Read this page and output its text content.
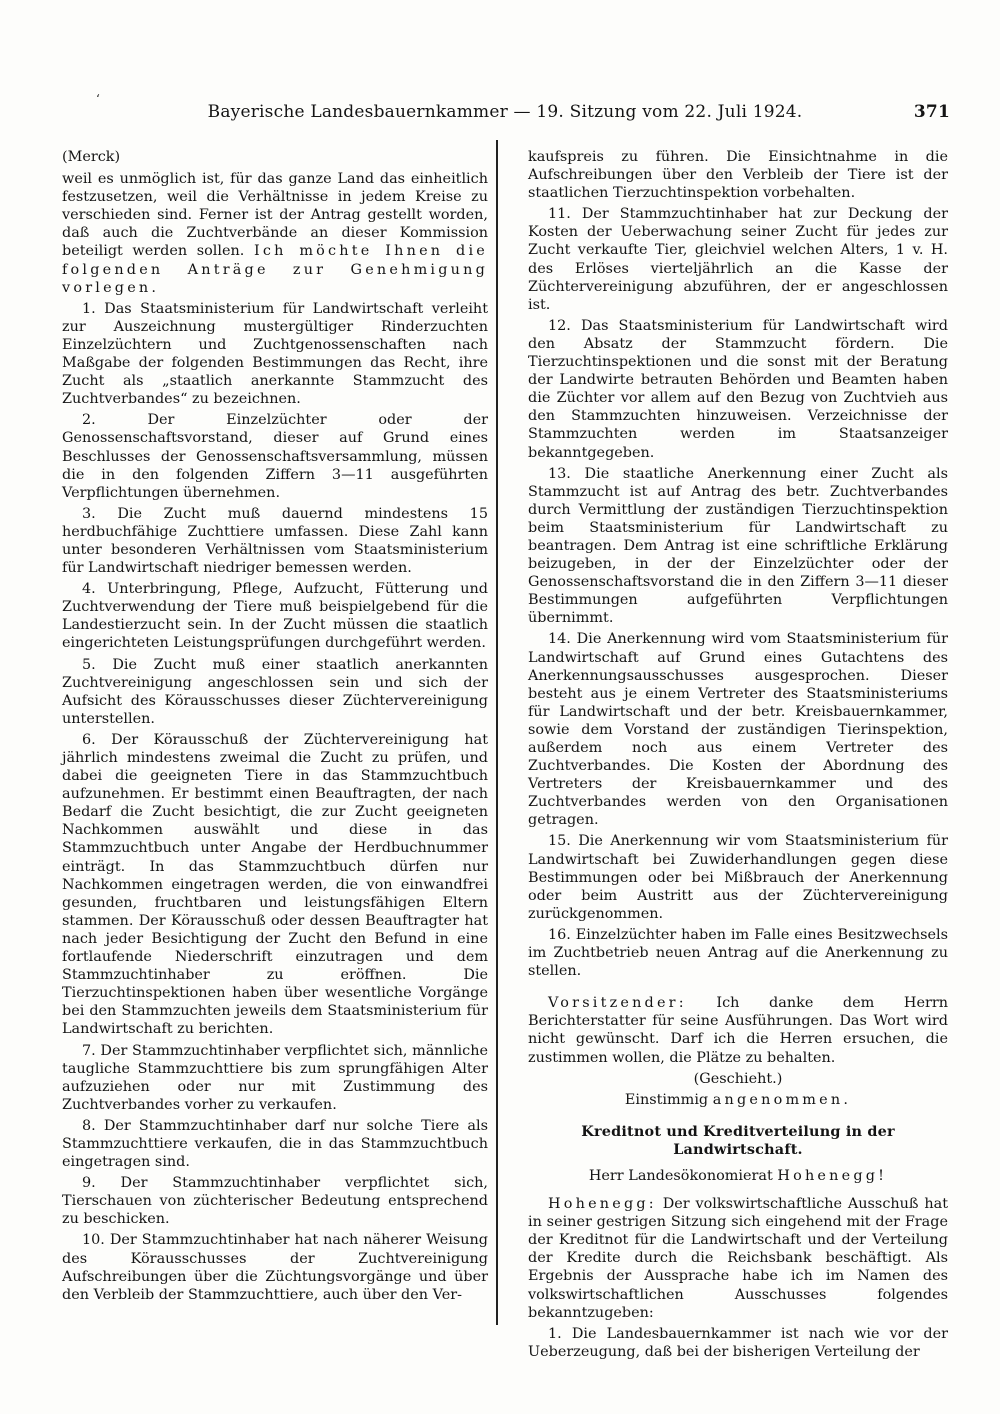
‘
Bayerische Landesbauernkammer — 19. Sitzung vom 22. Juli 1924.	371

(Merck)

weil es unmöglich ist, für das ganze Land das einheitlich festzusetzen, weil die Verhältnisse in jedem Kreise zu verschieden sind. Ferner ist der Antrag gestellt worden, daß auch die Zuchtverbände an dieser Kommission beteiligt werden sollen. Ich möchte Ihnen die folgenden Anträge zur Genehmigung vorlegen.

1. Das Staatsministerium für Landwirtschaft verleiht zur Auszeichnung mustergültiger Rinderzuchten Einzelzüchtern und Zuchtgenossenschaften nach Maßgabe der folgenden Bestimmungen das Recht, ihre Zucht als „staatlich anerkannte Stammzucht des Zuchtverbandes“ zu bezeichnen.

2. Der Einzelzüchter oder der Genossenschaftsvorstand, dieser auf Grund eines Beschlusses der Genossenschaftsversammlung, müssen die in den folgenden Ziffern 3—11 ausgeführten Verpflichtungen übernehmen.

3. Die Zucht muß dauernd mindestens 15 herdbuchfähige Zuchttiere umfassen. Diese Zahl kann unter besonderen Verhältnissen vom Staatsministerium für Landwirtschaft niedriger bemessen werden.

4. Unterbringung, Pflege, Aufzucht, Fütterung und Zuchtverwendung der Tiere muß beispielgebend für die Landestierzucht sein. In der Zucht müssen die staatlich eingerichteten Leistungsprüfungen durchgeführt werden.

5. Die Zucht muß einer staatlich anerkannten Zuchtvereinigung angeschlossen sein und sich der Aufsicht des Körausschusses dieser Züchtervereinigung unterstellen.

6. Der Körausschuß der Züchtervereinigung hat jährlich mindestens zweimal die Zucht zu prüfen, und dabei die geeigneten Tiere in das Stammzuchtbuch aufzunehmen. Er bestimmt einen Beauftragten, der nach Bedarf die Zucht besichtigt, die zur Zucht geeigneten Nachkommen auswählt und diese in das Stammzuchtbuch unter Angabe der Herdbuchnummer einträgt. In das Stammzuchtbuch dürfen nur Nachkommen eingetragen werden, die von einwandfrei gesunden, fruchtbaren und leistungsfähigen Eltern stammen. Der Körausschuß oder dessen Beauftragter hat nach jeder Besichtigung der Zucht den Befund in eine fortlaufende Niederschrift einzutragen und dem Stammzuchtinhaber zu eröffnen. Die Tierzuchtinspektionen haben über wesentliche Vorgänge bei den Stammzuchten jeweils dem Staatsministerium für Landwirtschaft zu berichten.

7. Der Stammzuchtinhaber verpflichtet sich, männliche taugliche Stammzuchttiere bis zum sprungfähigen Alter aufzuziehen oder nur mit Zustimmung des Zuchtverbandes vorher zu verkaufen.

8. Der Stammzuchtinhaber darf nur solche Tiere als Stammzuchttiere verkaufen, die in das Stammzuchtbuch eingetragen sind.

9. Der Stammzuchtinhaber verpflichtet sich, Tierschauen von züchterischer Bedeutung entsprechend zu beschicken.

10. Der Stammzuchtinhaber hat nach näherer Weisung des Körausschusses der Zuchtvereinigung Aufschreibungen über die Züchtungsvorgänge und über den Verbleib der Stammzuchttiere, auch über den Ver-

kaufspreis zu führen. Die Einsichtnahme in die Aufschreibungen über den Verbleib der Tiere ist der staatlichen Tierzuchtinspektion vorbehalten.

11. Der Stammzuchtinhaber hat zur Deckung der Kosten der Ueberwachung seiner Zucht für jedes zur Zucht verkaufte Tier, gleichviel welchen Alters, 1 v. H. des Erlöses vierteljährlich an die Kasse der Züchtervereinigung abzuführen, der er angeschlossen ist.

12. Das Staatsministerium für Landwirtschaft wird den Absatz der Stammzucht fördern. Die Tierzuchtinspektionen und die sonst mit der Beratung der Landwirte betrauten Behörden und Beamten haben die Züchter vor allem auf den Bezug von Zuchtvieh aus den Stammzuchten hinzuweisen. Verzeichnisse der Stammzuchten werden im Staatsanzeiger bekanntgegeben.

13. Die staatliche Anerkennung einer Zucht als Stammzucht ist auf Antrag des betr. Zuchtverbandes durch Vermittlung der zuständigen Tierzuchtinspektion beim Staatsministerium für Landwirtschaft zu beantragen. Dem Antrag ist eine schriftliche Erklärung beizugeben, in der der Einzelzüchter oder der Genossenschaftsvorstand die in den Ziffern 3—11 dieser Bestimmungen aufgeführten Verpflichtungen übernimmt.

14. Die Anerkennung wird vom Staatsministerium für Landwirtschaft auf Grund eines Gutachtens des Anerkennungsausschusses ausgesprochen. Dieser besteht aus je einem Vertreter des Staatsministeriums für Landwirtschaft und der betr. Kreisbauernkammer, sowie dem Vorstand der zuständigen Tierinspektion, außerdem noch aus einem Vertreter des Zuchtverbandes. Die Kosten der Abordnung des Vertreters der Kreisbauernkammer und des Zuchtverbandes werden von den Organisationen getragen.

15. Die Anerkennung wir vom Staatsministerium für Landwirtschaft bei Zuwiderhandlungen gegen diese Bestimmungen oder bei Mißbrauch der Anerkennung oder beim Austritt aus der Züchtervereinigung zurückgenommen.

16. Einzelzüchter haben im Falle eines Besitzwechsels im Zuchtbetrieb neuen Antrag auf die Anerkennung zu stellen.

Vorsitzender: Ich danke dem Herrn Berichterstatter für seine Ausführungen. Das Wort wird nicht gewünscht. Darf ich die Herren ersuchen, die zustimmen wollen, die Plätze zu behalten.

(Geschieht.)

Einstimmig angenommen.

Kreditnot und Kreditverteilung in der Landwirtschaft.

Herr Landesökonomierat Hohenegg!

Hohenegg: Der volkswirtschaftliche Ausschuß hat in seiner gestrigen Sitzung sich eingehend mit der Frage der Kreditnot für die Landwirtschaft und der Verteilung der Kredite durch die Reichsbank beschäftigt. Als Ergebnis der Aussprache habe ich im Namen des volkswirtschaftlichen Ausschusses folgendes bekanntzugeben:

1. Die Landesbauernkammer ist nach wie vor der Ueberzeugung, daß bei der bisherigen Verteilung der
